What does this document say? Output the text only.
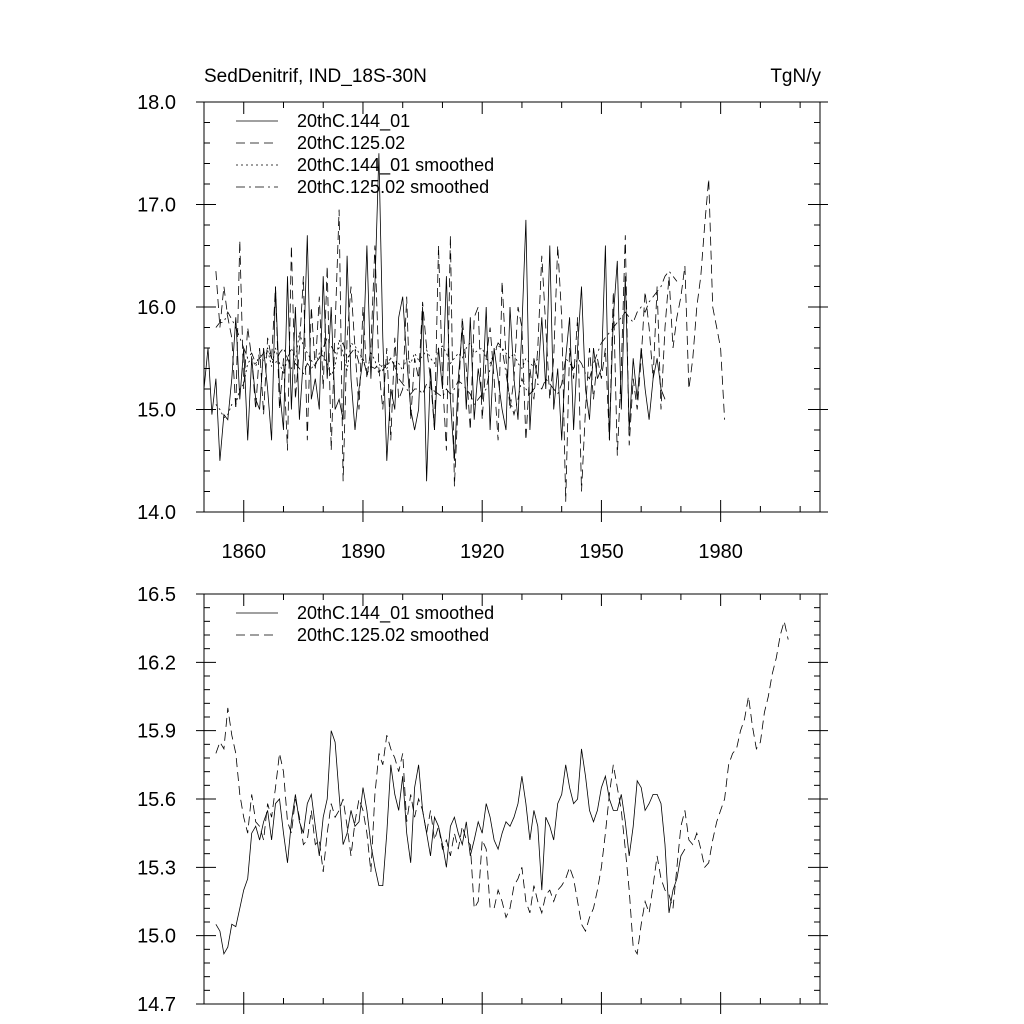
SedDenitrif, IND_18S-30N	TgN/y
1860	1890	1920	1950	1980
14.0
15.0
16.0
17.0
18.0
20thC.144_01
20thC.125.02
20thC.144_01 smoothed
20thC.125.02 smoothed
14.7
15.0
15.3
15.6
15.9
16.2
16.5
20thC.144_01 smoothed
20thC.125.02 smoothed
